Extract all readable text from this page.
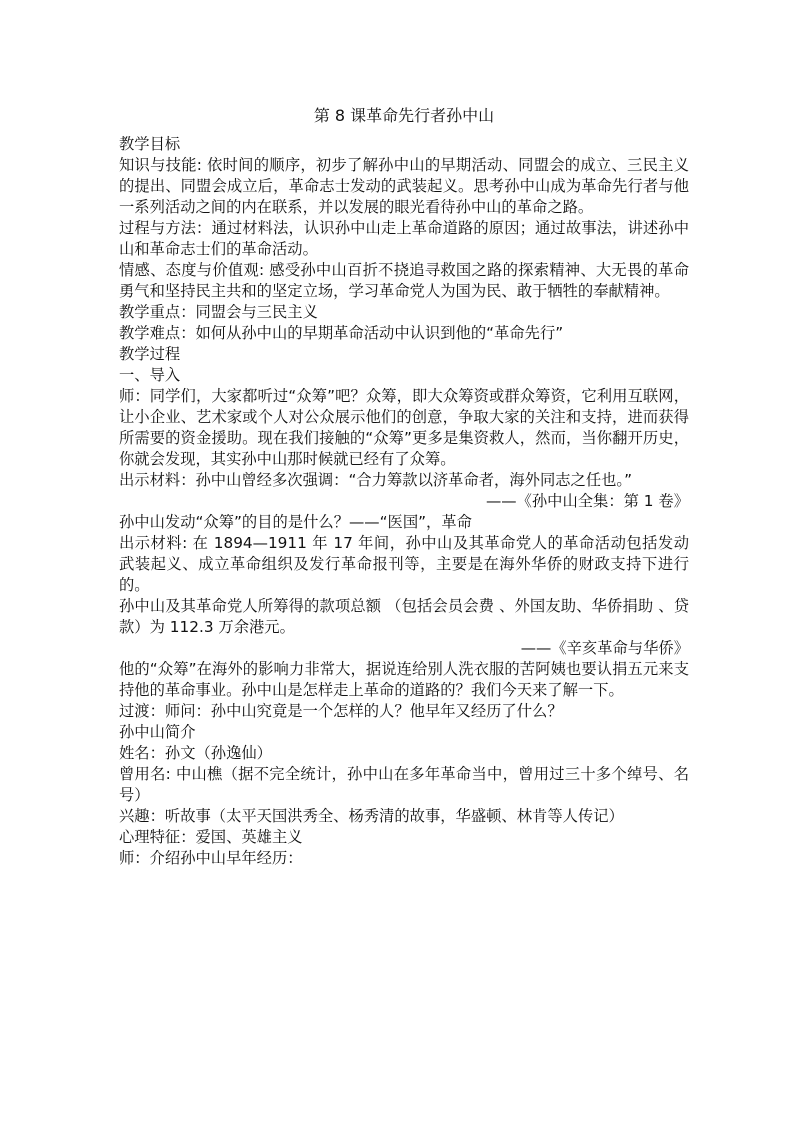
第 8 课革命先行者孙中山

教学目标

知识与技能: 依时间的顺序，初步了解孙中山的早期活动、同盟会的成立、三民主义的提出、同盟会成立后，革命志士发动的武装起义。思考孙中山成为革命先行者与他一系列活动之间的内在联系，并以发展的眼光看待孙中山的革命之路。

过程与方法：通过材料法，认识孙中山走上革命道路的原因；通过故事法，讲述孙中山和革命志士们的革命活动。

情感、态度与价值观: 感受孙中山百折不挠追寻救国之路的探索精神、大无畏的革命勇气和坚持民主共和的坚定立场，学习革命党人为国为民、敢于牺牲的奉献精神。

教学重点：同盟会与三民主义

教学难点：如何从孙中山的早期革命活动中认识到他的“革命先行”

教学过程

一、导入

师：同学们，大家都听过“众筹”吧？众筹，即大众筹资或群众筹资，它利用互联网，让小企业、艺术家或个人对公众展示他们的创意，争取大家的关注和支持，进而获得所需要的资金援助。现在我们接触的“众筹”更多是集资救人，然而，当你翻开历史，你就会发现，其实孙中山那时候就已经有了众筹。

出示材料：孙中山曾经多次强调：“合力筹款以济革命者，海外同志之任也。”

——《孙中山全集：第 1 卷》

孙中山发动“众筹”的目的是什么？——“医国”，革命

出示材料: 在 1894—1911 年 17 年间，孙中山及其革命党人的革命活动包括发动武装起义、成立革命组织及发行革命报刊等，主要是在海外华侨的财政支持下进行的。

孙中山及其革命党人所筹得的款项总额 （包括会员会费 、外国友助、华侨捐助 、贷款）为 112.3 万余港元。

——《辛亥革命与华侨》

他的“众筹”在海外的影响力非常大，据说连给别人洗衣服的苦阿姨也要认捐五元来支持他的革命事业。孙中山是怎样走上革命的道路的？我们今天来了解一下。

过渡：师问：孙中山究竟是一个怎样的人？他早年又经历了什么？

孙中山简介

姓名：孙文（孙逸仙）

曾用名: 中山樵（据不完全统计，孙中山在多年革命当中，曾用过三十多个绰号、名号）

兴趣：听故事（太平天国洪秀全、杨秀清的故事，华盛顿、林肯等人传记）

心理特征：爱国、英雄主义

师：介绍孙中山早年经历：
